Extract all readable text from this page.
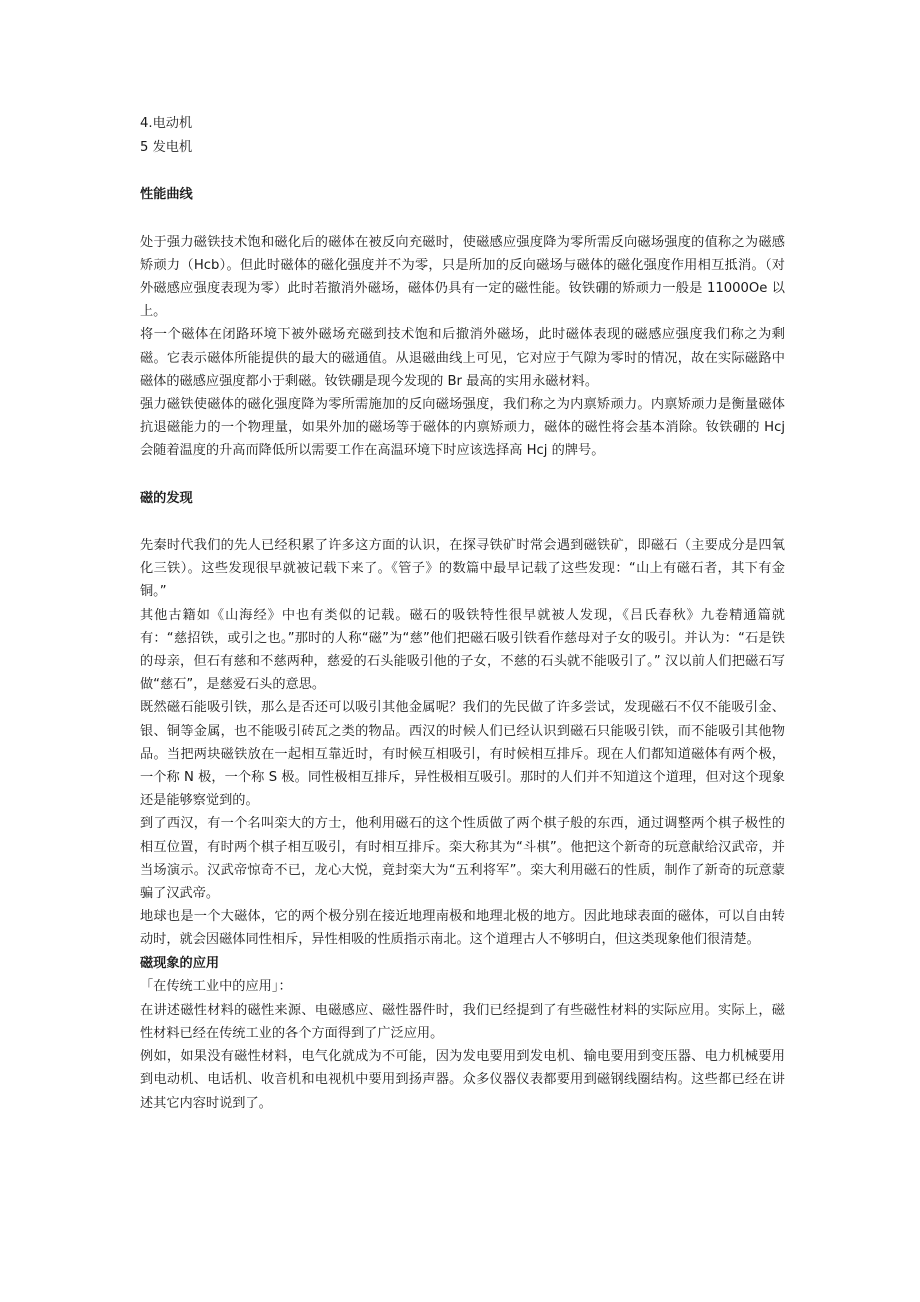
4.电动机

5 发电机

性能曲线

处于强力磁铁技术饱和磁化后的磁体在被反向充磁时，使磁感应强度降为零所需反向磁场强度的值称之为磁感矫顽力（Hcb）。但此时磁体的磁化强度并不为零，只是所加的反向磁场与磁体的磁化强度作用相互抵消。（对外磁感应强度表现为零）此时若撤消外磁场，磁体仍具有一定的磁性能。钕铁硼的矫顽力一般是 11000Oe 以上。

将一个磁体在闭路环境下被外磁场充磁到技术饱和后撤消外磁场，此时磁体表现的磁感应强度我们称之为剩磁。它表示磁体所能提供的最大的磁通值。从退磁曲线上可见，它对应于气隙为零时的情况，故在实际磁路中磁体的磁感应强度都小于剩磁。钕铁硼是现今发现的 Br 最高的实用永磁材料。

强力磁铁使磁体的磁化强度降为零所需施加的反向磁场强度，我们称之为内禀矫顽力。内禀矫顽力是衡量磁体抗退磁能力的一个物理量，如果外加的磁场等于磁体的内禀矫顽力，磁体的磁性将会基本消除。钕铁硼的 Hcj 会随着温度的升高而降低所以需要工作在高温环境下时应该选择高 Hcj 的牌号。

磁的发现

先秦时代我们的先人已经积累了许多这方面的认识，在探寻铁矿时常会遇到磁铁矿，即磁石（主要成分是四氧化三铁）。这些发现很早就被记载下来了。《管子》的数篇中最早记载了这些发现：“山上有磁石者，其下有金铜。”

其他古籍如《山海经》中也有类似的记载。磁石的吸铁特性很早就被人发现，《吕氏春秋》九卷精通篇就有：“慈招铁，或引之也。”那时的人称“磁”为“慈”他们把磁石吸引铁看作慈母对子女的吸引。并认为：“石是铁 的母亲，但石有慈和不慈两种，慈爱的石头能吸引他的子女，不慈的石头就不能吸引了。” 汉以前人们把磁石写做“慈石”，是慈爱石头的意思。

既然磁石能吸引铁，那么是否还可以吸引其他金属呢？我们的先民做了许多尝试，发现磁石不仅不能吸引金、银、铜等金属，也不能吸引砖瓦之类的物品。西汉的时候人们已经认识到磁石只能吸引铁，而不能吸引其他物品。当把两块磁铁放在一起相互靠近时，有时候互相吸引，有时候相互排斥。现在人们都知道磁体有两个极，一个称 N 极，一个称 S 极。同性极相互排斥，异性极相互吸引。那时的人们并不知道这个道理，但对这个现象还是能够察觉到的。

到了西汉，有一个名叫栾大的方士，他利用磁石的这个性质做了两个棋子般的东西，通过调整两个棋子极性的相互位置，有时两个棋子相互吸引，有时相互排斥。栾大称其为“斗棋”。他把这个新奇的玩意献给汉武帝，并当场演示。汉武帝惊奇不已，龙心大悦，竟封栾大为“五利将军”。栾大利用磁石的性质，制作了新奇的玩意蒙骗了汉武帝。

地球也是一个大磁体，它的两个极分别在接近地理南极和地理北极的地方。因此地球表面的磁体，可以自由转动时，就会因磁体同性相斥，异性相吸的性质指示南北。这个道理古人不够明白，但这类现象他们很清楚。

磁现象的应用

「在传统工业中的应用」：

在讲述磁性材料的磁性来源、电磁感应、磁性器件时，我们已经提到了有些磁性材料的实际应用。实际上，磁性材料已经在传统工业的各个方面得到了广泛应用。

例如，如果没有磁性材料，电气化就成为不可能，因为发电要用到发电机、输电要用到变压器、电力机械要用到电动机、电话机、收音机和电视机中要用到扬声器。众多仪器仪表都要用到磁钢线圈结构。这些都已经在讲述其它内容时说到了。
